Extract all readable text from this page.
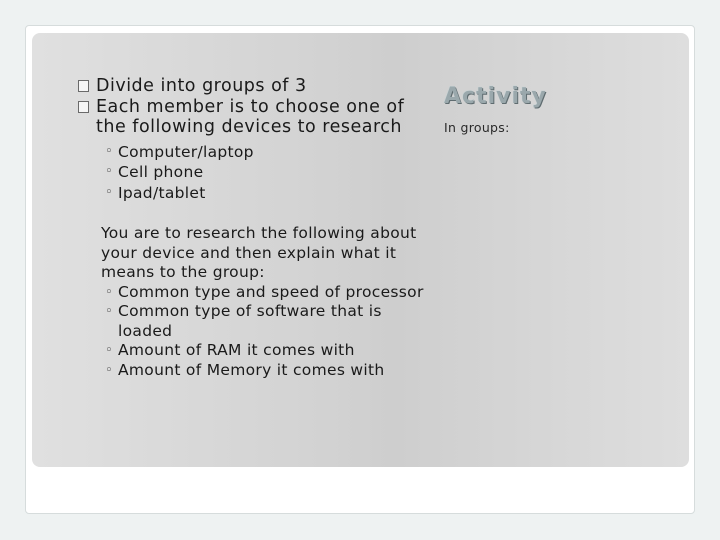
Divide into groups of 3
Each member is to choose one of the following devices to research
◦ Computer/laptop
◦ Cell phone
◦ Ipad/tablet
You are to research the following about your device and then explain what it means to the group:
◦ Common type and speed of processor
◦ Common type of software that is loaded
◦ Amount of RAM it comes with
◦ Amount of Memory it comes with
Activity
In groups:
